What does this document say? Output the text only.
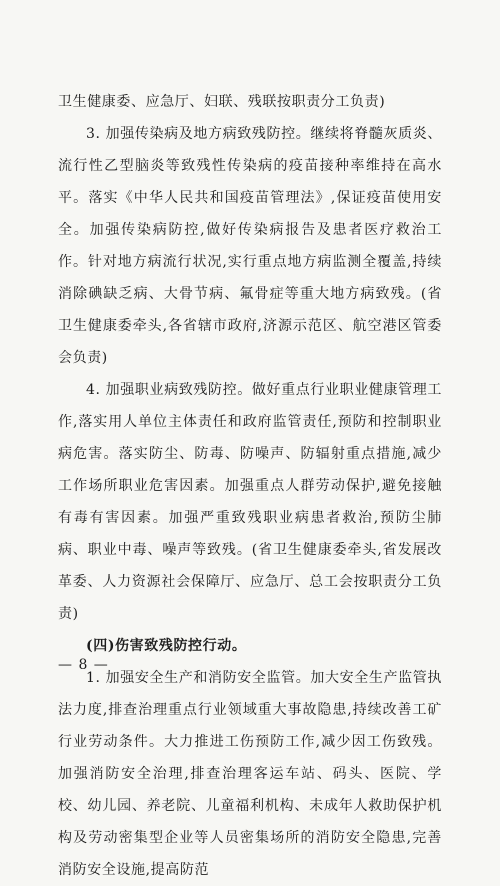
卫生健康委、应急厅、妇联、残联按职责分工负责)

3. 加强传染病及地方病致残防控。继续将脊髓灰质炎、流行性乙型脑炎等致残性传染病的疫苗接种率维持在高水平。落实《中华人民共和国疫苗管理法》,保证疫苗使用安全。加强传染病防控,做好传染病报告及患者医疗救治工作。针对地方病流行状况,实行重点地方病监测全覆盖,持续消除碘缺乏病、大骨节病、氟骨症等重大地方病致残。(省卫生健康委牵头,各省辖市政府,济源示范区、航空港区管委会负责)

4. 加强职业病致残防控。做好重点行业职业健康管理工作,落实用人单位主体责任和政府监管责任,预防和控制职业病危害。落实防尘、防毒、防噪声、防辐射重点措施,减少工作场所职业危害因素。加强重点人群劳动保护,避免接触有毒有害因素。加强严重致残职业病患者救治,预防尘肺病、职业中毒、噪声等致残。(省卫生健康委牵头,省发展改革委、人力资源社会保障厅、应急厅、总工会按职责分工负责)

(四)伤害致残防控行动。

1. 加强安全生产和消防安全监管。加大安全生产监管执法力度,排查治理重点行业领域重大事故隐患,持续改善工矿行业劳动条件。大力推进工伤预防工作,减少因工伤致残。加强消防安全治理,排查治理客运车站、码头、医院、学校、幼儿园、养老院、儿童福利机构、未成年人救助保护机构及劳动密集型企业等人员密集场所的消防安全隐患,完善消防安全设施,提高防范

— 8 —
